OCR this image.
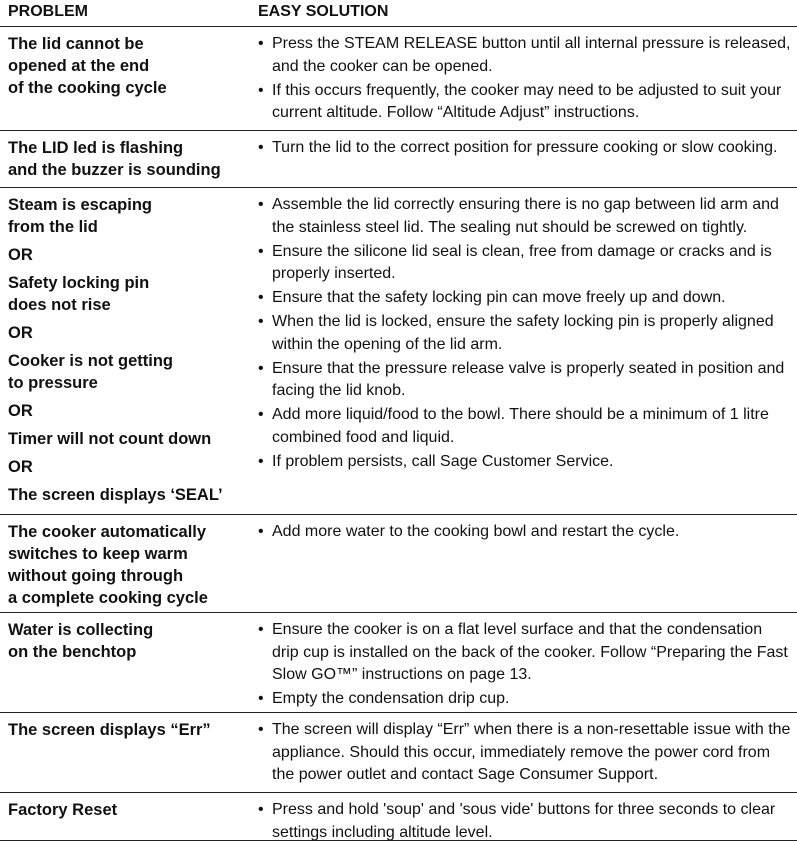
PROBLEM	EASY SOLUTION
The lid cannot be
opened at the end
of the cooking cycle
• Press the STEAM RELEASE button until all internal pressure is released, and the cooker can be opened.
• If this occurs frequently, the cooker may need to be adjusted to suit your current altitude. Follow “Altitude Adjust” instructions.
The LID led is flashing
and the buzzer is sounding
• Turn the lid to the correct position for pressure cooking or slow cooking.
Steam is escaping
from the lid
OR
Safety locking pin
does not rise
OR
Cooker is not getting
to pressure
OR
Timer will not count down
OR
The screen displays ‘SEAL’
• Assemble the lid correctly ensuring there is no gap between lid arm and the stainless steel lid. The sealing nut should be screwed on tightly.
• Ensure the silicone lid seal is clean, free from damage or cracks and is properly inserted.
• Ensure that the safety locking pin can move freely up and down.
• When the lid is locked, ensure the safety locking pin is properly aligned within the opening of the lid arm.
• Ensure that the pressure release valve is properly seated in position and facing the lid knob.
• Add more liquid/food to the bowl. There should be a minimum of 1 litre combined food and liquid.
• If problem persists, call Sage Customer Service.
The cooker automatically
switches to keep warm
without going through
a complete cooking cycle
• Add more water to the cooking bowl and restart the cycle.
Water is collecting
on the benchtop
• Ensure the cooker is on a flat level surface and that the condensation drip cup is installed on the back of the cooker. Follow “Preparing the Fast Slow GO™” instructions on page 13.
• Empty the condensation drip cup.
The screen displays “Err”	• The screen will display “Err” when there is a non-resettable issue with the appliance. Should this occur, immediately remove the power cord from the power outlet and contact Sage Consumer Support.
Factory Reset	• Press and hold 'soup' and 'sous vide' buttons for three seconds to clear settings including altitude level.
